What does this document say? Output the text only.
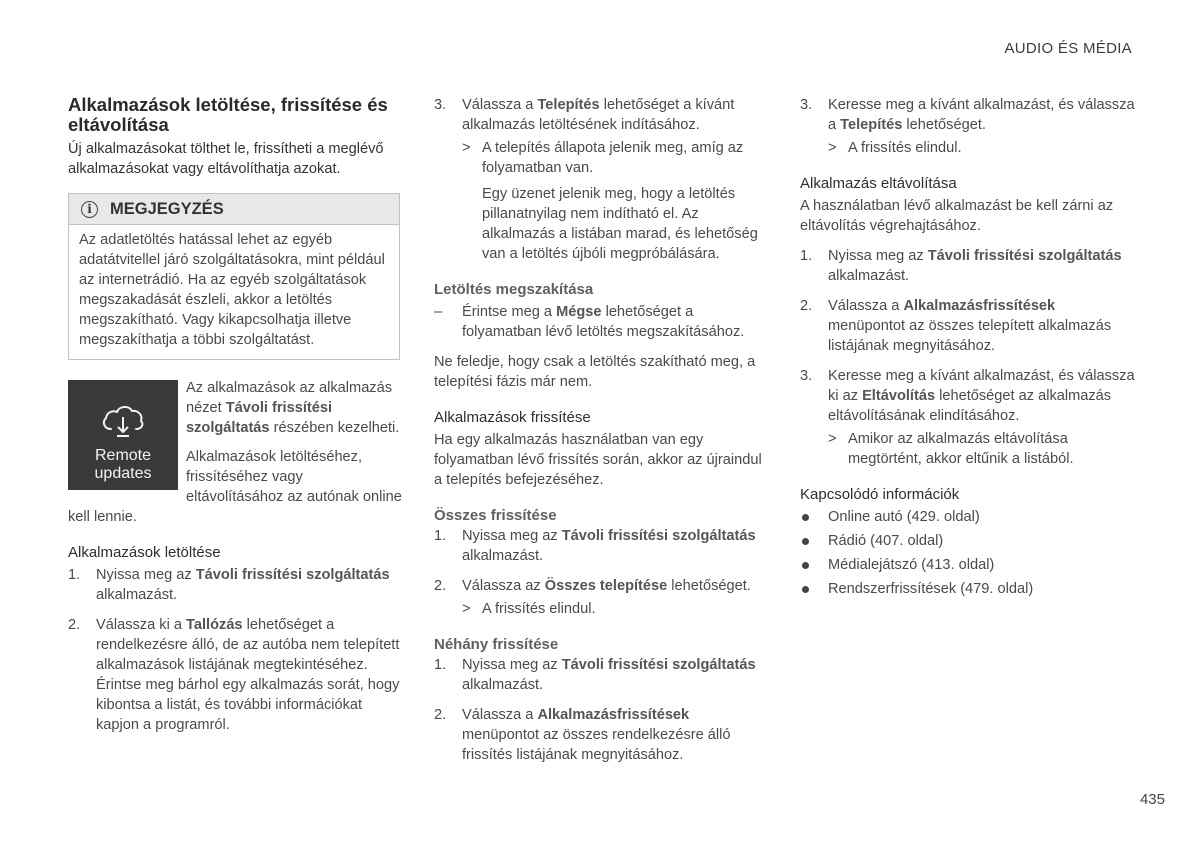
AUDIO ÉS MÉDIA
Alkalmazások letöltése, frissítése és eltávolítása

Új alkalmazásokat tölthet le, frissítheti a meglévő alkalmazásokat vagy eltávolíthatja azokat.

i	MEGJEGYZÉS
Az adatletöltés hatással lehet az egyéb adatátvitellel járó szolgáltatásokra, mint például az internetrádió. Ha az egyéb szolgáltatások megszakadását észleli, akkor a letöltés megszakítható. Vagy kikapcsolhatja illetve megszakíthatja a többi szolgáltatást.
Remote
updates

Az alkalmazások az alkalmazás nézet Távoli frissítési szolgáltatás részében kezelheti.

Alkalmazások letöltéséhez, frissítéséhez vagy eltávolításához az autónak online kell lennie.

Alkalmazások letöltése
1. Nyissa meg az Távoli frissítési szolgáltatás alkalmazást.
2. Válassza ki a Tallózás lehetőséget a rendelkezésre álló, de az autóba nem telepített alkalmazások listájának megtekintéséhez. Érintse meg bárhol egy alkalmazás sorát, hogy kibontsa a listát, és további információkat kapjon a programról.
3. Válassza a Telepítés lehetőséget a kívánt alkalmazás letöltésének indításához.
> A telepítés állapota jelenik meg, amíg az folyamatban van.
Egy üzenet jelenik meg, hogy a letöltés pillanatnyilag nem indítható el. Az alkalmazás a listában marad, és lehetőség van a letöltés újbóli megpróbálására.
Letöltés megszakítása
– Érintse meg a Mégse lehetőséget a folyamatban lévő letöltés megszakításához.

Ne feledje, hogy csak a letöltés szakítható meg, a telepítési fázis már nem.

Alkalmazások frissítése

Ha egy alkalmazás használatban van egy folyamatban lévő frissítés során, akkor az újraindul a telepítés befejezéséhez.

Összes frissítése
1. Nyissa meg az Távoli frissítési szolgáltatás alkalmazást.
2. Válassza az Összes telepítése lehetőséget.
> A frissítés elindul.
Néhány frissítése
1. Nyissa meg az Távoli frissítési szolgáltatás alkalmazást.
2. Válassza a Alkalmazásfrissítések menüpontot az összes rendelkezésre álló frissítés listájának megnyitásához.
3. Keresse meg a kívánt alkalmazást, és válassza a Telepítés lehetőséget.
> A frissítés elindul.
Alkalmazás eltávolítása

A használatban lévő alkalmazást be kell zárni az eltávolítás végrehajtásához.

1. Nyissa meg az Távoli frissítési szolgáltatás alkalmazást.
2. Válassza a Alkalmazásfrissítések menüpontot az összes telepített alkalmazás listájának megnyitásához.
3. Keresse meg a kívánt alkalmazást, és válassza ki az Eltávolítás lehetőséget az alkalmazás eltávolításának elindításához.
> Amikor az alkalmazás eltávolítása megtörtént, akkor eltűnik a listából.
Kapcsolódó információk
Online autó (429. oldal)
Rádió (407. oldal)
Médialejátszó (413. oldal)
Rendszerfrissítések (479. oldal)
435
